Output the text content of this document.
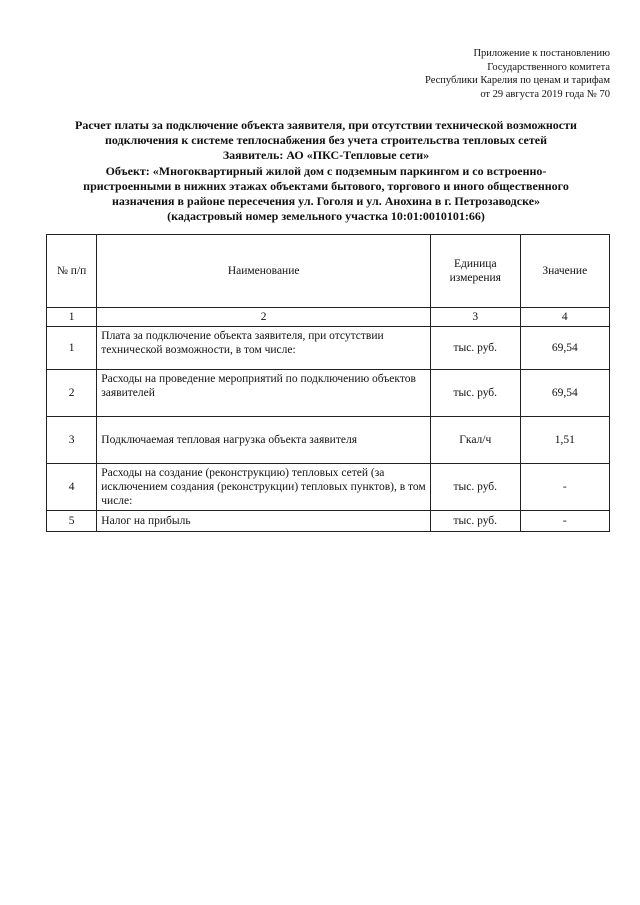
Приложение к постановлению
Государственного комитета
Республики Карелия по ценам и тарифам
от 29 августа 2019 года № 70
Расчет платы за подключение объекта заявителя, при отсутствии технической возможности
подключения к системе теплоснабжения без учета строительства тепловых сетей
Заявитель: АО «ПКС-Тепловые сети»
Объект: «Многоквартирный жилой дом с подземным паркингом и со встроенно-
пристроенными в нижних этажах объектами бытового, торгового и иного общественного
назначения в районе пересечения ул. Гоголя и ул. Анохина в г. Петрозаводске»
(кадастровый номер земельного участка 10:01:0010101:66)
№ п/п	Наименование	Единица измерения	Значение
1	2	3	4
1	Плата за подключение объекта заявителя, при отсутствии технической возможности, в том числе:	тыс. руб.	69,54
2	Расходы на проведение мероприятий по подключению объектов заявителей	тыс. руб.	69,54
3	Подключаемая тепловая нагрузка объекта заявителя	Гкал/ч	1,51
4	Расходы на создание (реконструкцию) тепловых сетей (за исключением создания (реконструкции) тепловых пунктов), в том числе:	тыс. руб.	-
5	Налог на прибыль	тыс. руб.	-
